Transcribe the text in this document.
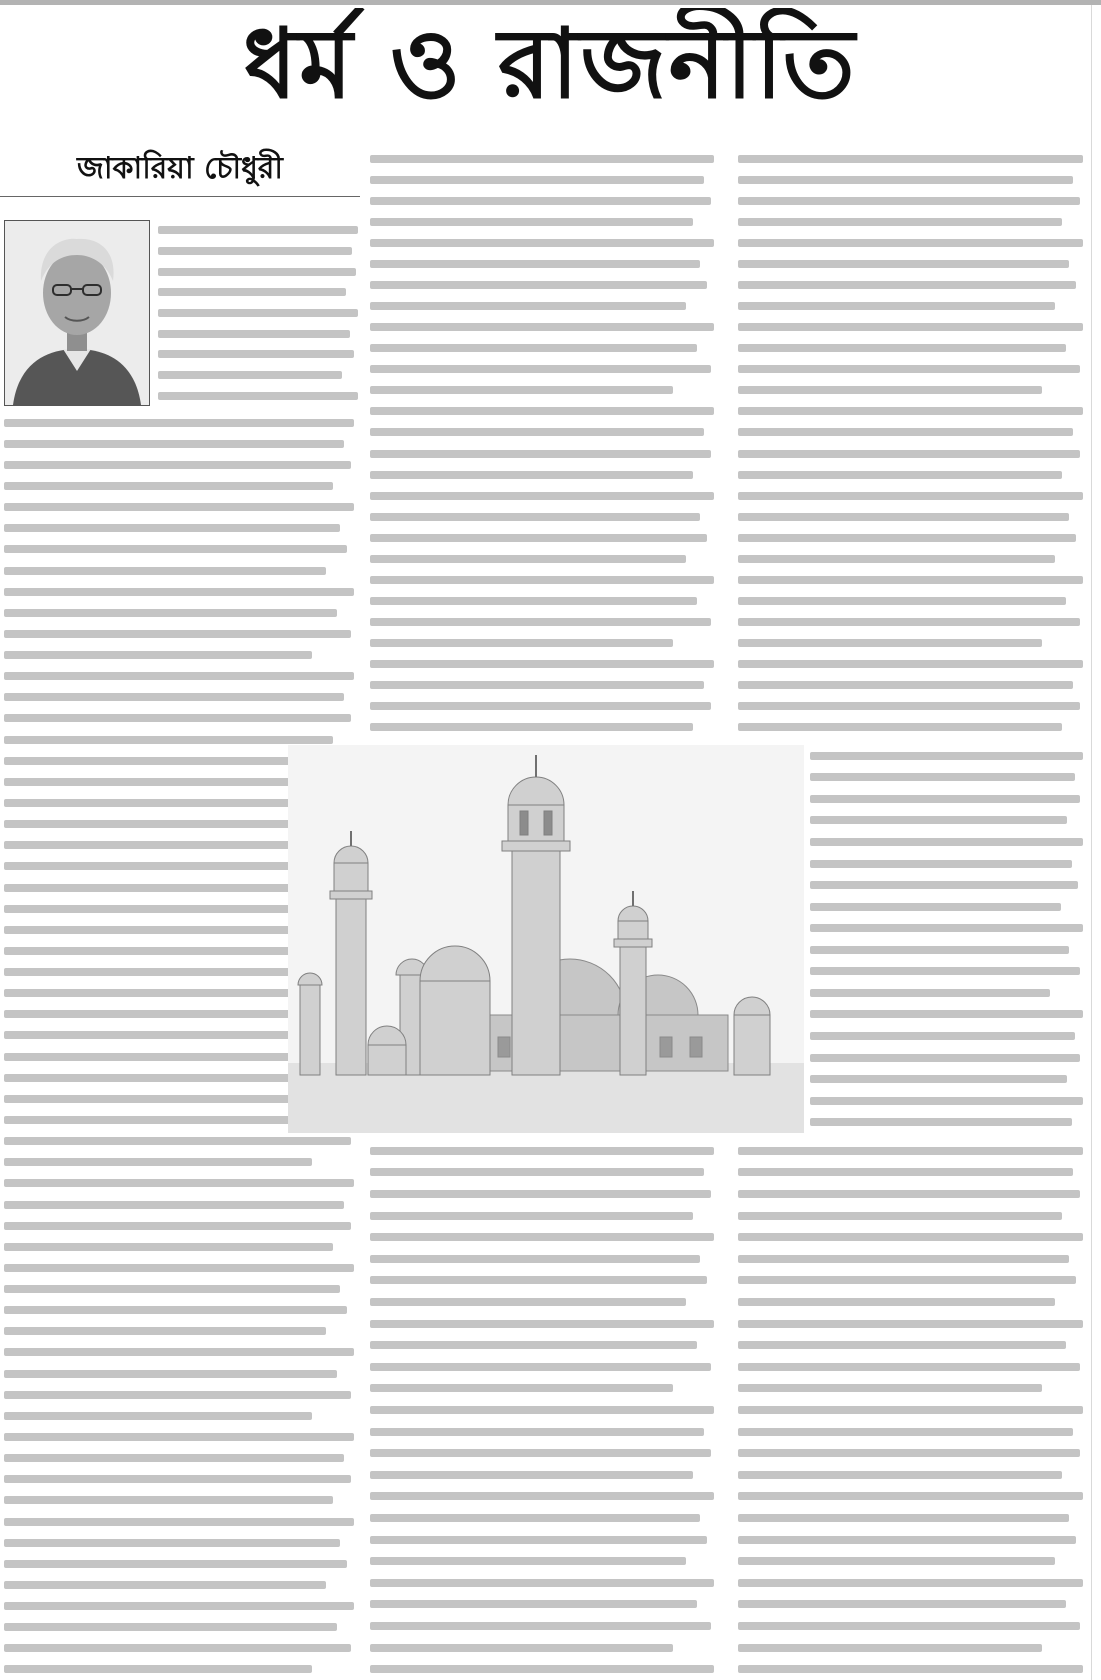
ধর্ম ও রাজনীতি
জাকারিয়া চৌধুরী
